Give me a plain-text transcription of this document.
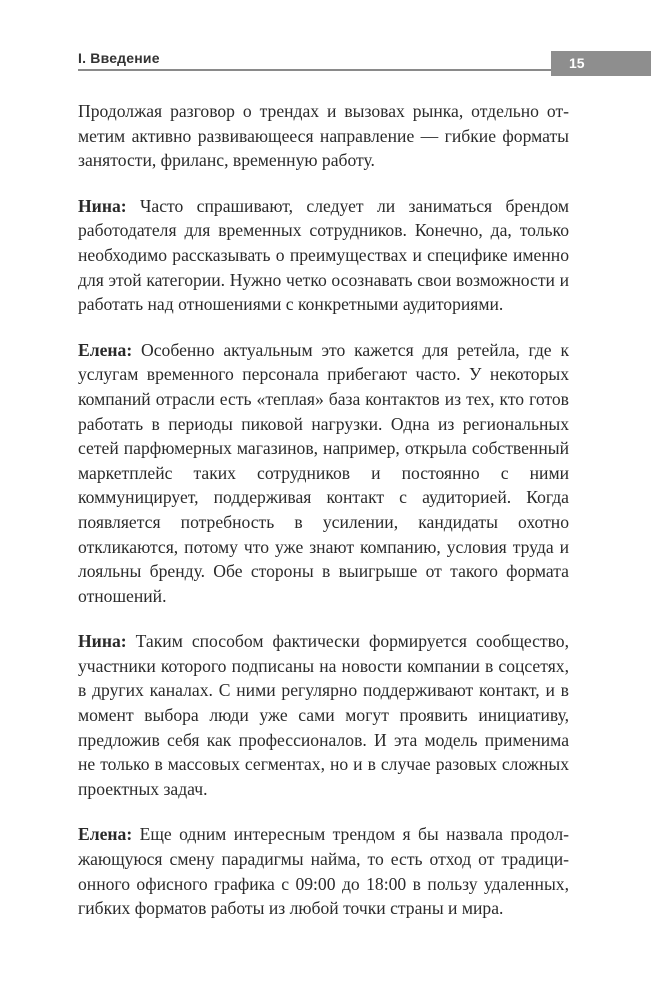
I. Введение	15

Продолжая разговор о трендах и вызовах рынка, отдельно отметим активно развивающееся направление — гибкие форматы занятости, фриланс, временную работу.

Нина: Часто спрашивают, следует ли заниматься брендом работодателя для временных сотрудников. Конечно, да, только необходимо рассказывать о преимуществах и специфике именно для этой категории. Нужно четко осознавать свои возможности и работать над отношениями с конкретными аудиториями.

Елена: Особенно актуальным это кажется для ретейла, где к услугам временного персонала прибегают часто. У некоторых компаний отрасли есть «теплая» база контактов из тех, кто готов работать в периоды пиковой нагрузки. Одна из региональных сетей парфюмерных магазинов, например, открыла собственный маркетплейс таких сотрудников и постоянно с ними коммуницирует, поддерживая контакт с аудиторией. Когда появляется потребность в усилении, кандидаты охотно откликаются, потому что уже знают компанию, условия труда и лояльны бренду. Обе стороны в выигрыше от такого формата отношений.

Нина: Таким способом фактически формируется сообщество, участники которого подписаны на новости компании в соцсетях, в других каналах. С ними регулярно поддерживают контакт, и в момент выбора люди уже сами могут проявить инициативу, предложив себя как профессионалов. И эта модель применима не только в массовых сегментах, но и в случае разовых сложных проектных задач.

Елена: Еще одним интересным трендом я бы назвала продолжающуюся смену парадигмы найма, то есть отход от традиционного офисного графика с 09:00 до 18:00 в пользу удаленных, гибких форматов работы из любой точки страны и мира.
